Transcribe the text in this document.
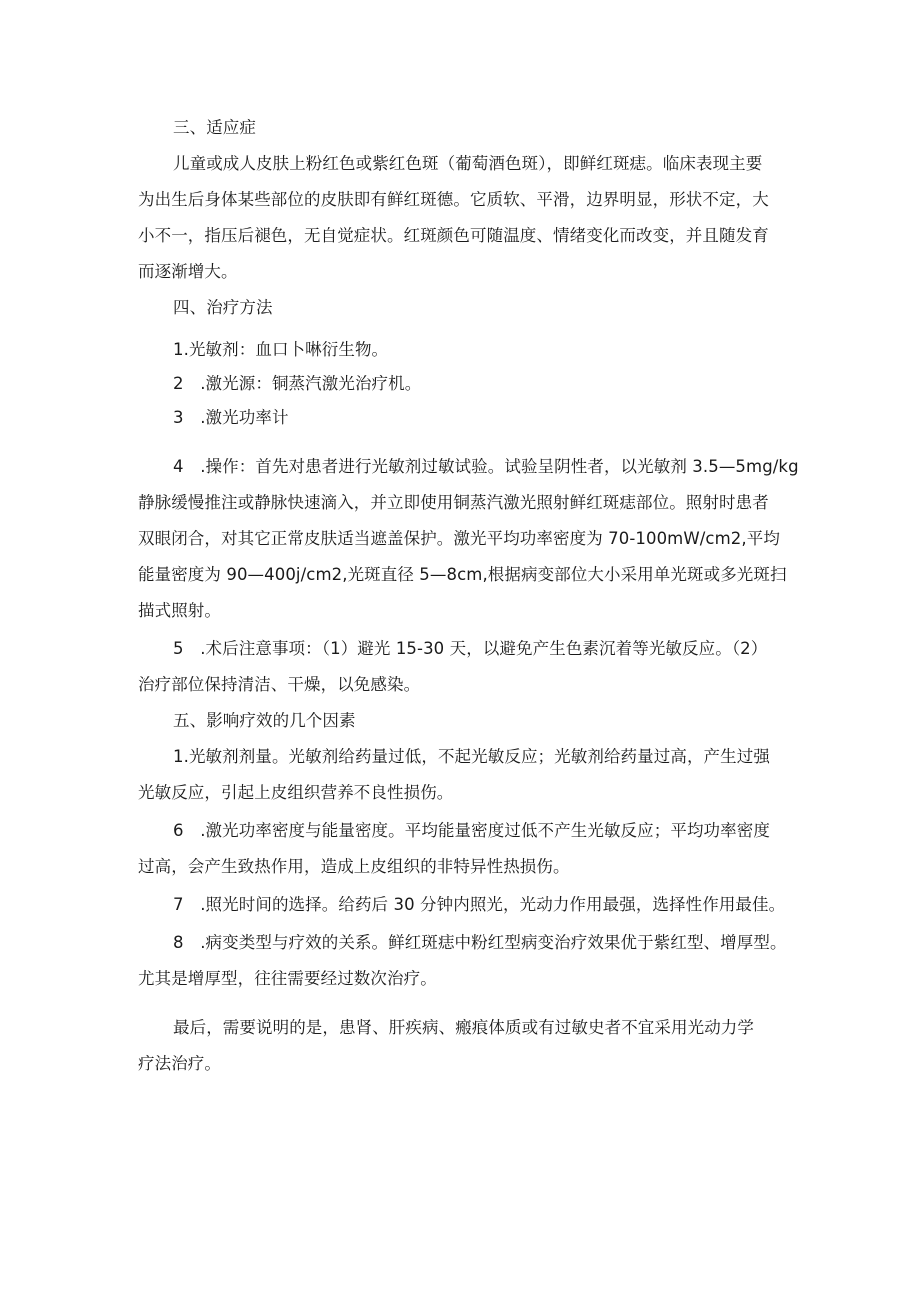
三、适应症
儿童或成人皮肤上粉红色或紫红色斑（葡萄酒色斑），即鲜红斑痣。临床表现主要
为出生后身体某些部位的皮肤即有鲜红斑德。它质软、平滑，边界明显，形状不定，大
小不一，指压后褪色，无自觉症状。红斑颜色可随温度、情绪变化而改变，并且随发育
而逐渐增大。
四、治疗方法
1.光敏剂：血口卜啉衍生物。
2　.激光源：铜蒸汽激光治疗机。
3　.激光功率计
4　.操作：首先对患者进行光敏剂过敏试验。试验呈阴性者，以光敏剂 3.5—5mg/kg
静脉缓慢推注或静脉快速滴入，并立即使用铜蒸汽激光照射鲜红斑痣部位。照射时患者
双眼闭合，对其它正常皮肤适当遮盖保护。激光平均功率密度为 70-100mW/cm2,平均
能量密度为 90—400j/cm2,光斑直径 5—8cm,根据病变部位大小采用单光斑或多光斑扫
描式照射。
5　.术后注意事项：（1）避光 15-30 天，以避免产生色素沉着等光敏反应。（2）
治疗部位保持清洁、干燥，以免感染。
五、影响疗效的几个因素
1.光敏剂剂量。光敏剂给药量过低，不起光敏反应；光敏剂给药量过高，产生过强
光敏反应，引起上皮组织营养不良性损伤。
6　.激光功率密度与能量密度。平均能量密度过低不产生光敏反应；平均功率密度
过高，会产生致热作用，造成上皮组织的非特异性热损伤。
7　.照光时间的选择。给药后 30 分钟内照光，光动力作用最强，选择性作用最佳。
8　.病变类型与疗效的关系。鲜红斑痣中粉红型病变治疗效果优于紫红型、增厚型。
尤其是增厚型，往往需要经过数次治疗。
最后，需要说明的是，患肾、肝疾病、瘢痕体质或有过敏史者不宜采用光动力学
疗法治疗。
